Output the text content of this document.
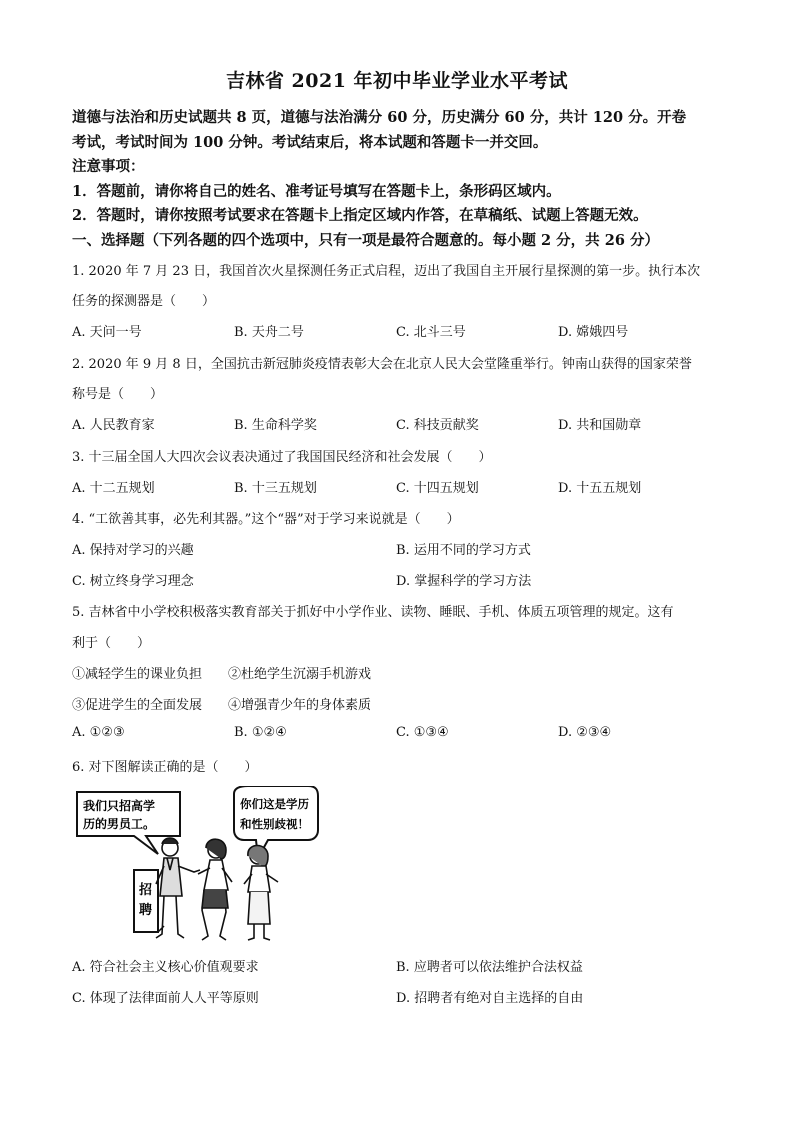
吉林省 2021 年初中毕业学业水平考试
道德与法治和历史试题共 8 页，道德与法治满分 60 分，历史满分 60 分，共计 120 分。开卷
考试，考试时间为 100 分钟。考试结束后，将本试题和答题卡一并交回。
注意事项：
1．答题前，请你将自己的姓名、准考证号填写在答题卡上，条形码区域内。
2．答题时，请你按照考试要求在答题卡上指定区域内作答，在草稿纸、试题上答题无效。
一、选择题（下列各题的四个选项中，只有一项是最符合题意的。每小题 2 分，共 26 分）
1. 2020 年 7 月 23 日，我国首次火星探测任务正式启程，迈出了我国自主开展行星探测的第一步。执行本次
任务的探测器是（　　）
A. 天问一号	B. 天舟二号	C. 北斗三号	D. 嫦娥四号
2. 2020 年 9 月 8 日，全国抗击新冠肺炎疫情表彰大会在北京人民大会堂隆重举行。钟南山获得的国家荣誉
称号是（　　）
A. 人民教育家	B. 生命科学奖	C. 科技贡献奖	D. 共和国勋章
3. 十三届全国人大四次会议表决通过了我国国民经济和社会发展（　　）
A. 十二五规划	B. 十三五规划	C. 十四五规划	D. 十五五规划
4. “工欲善其事，必先利其器。”这个“器”对于学习来说就是（　　）
A. 保持对学习的兴趣	B. 运用不同的学习方式
C. 树立终身学习理念	D. 掌握科学的学习方法
5. 吉林省中小学校积极落实教育部关于抓好中小学作业、读物、睡眠、手机、体质五项管理的规定。这有
利于（　　）
①减轻学生的课业负担　　②杜绝学生沉溺手机游戏
③促进学生的全面发展　　④增强青少年的身体素质
A. ①②③	B. ①②④	C. ①③④	D. ②③④
6. 对下图解读正确的是（　　）
我们只招高学
历的男员工。
你们这是学历
和性别歧视！
招
聘
A. 符合社会主义核心价值观要求	B. 应聘者可以依法维护合法权益
C. 体现了法律面前人人平等原则	D. 招聘者有绝对自主选择的自由
